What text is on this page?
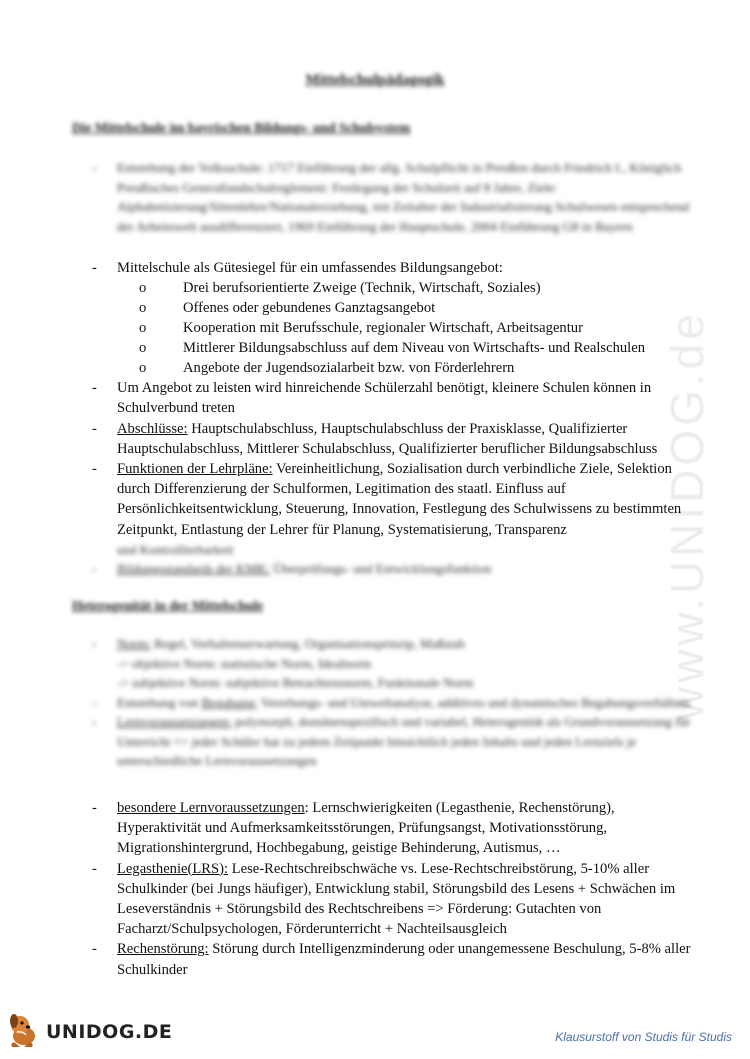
www.UNIDOG.de
Mittelschulpädagogik
Die Mittelschule im bayrischen Bildungs- und Schulsystem
- Entstehung der Volksschule: 1717 Einführung der allg. Schulpflicht in Preußen durch Friedrich I., Königlich Preußisches Generallandschulreglement: Festlegung der Schulzeit auf 8 Jahre, Ziele: Alphabetisierung/Sittenlehre/Nationalerziehung, mit Zeitalter der Industrialisierung Schulwesen entsprechend der Arbeitswelt ausdifferenziert, 1969 Einführung der Hauptschule, 2004 Einführung G8 in Bayern
- Mittelschule als Gütesiegel für ein umfassendes Bildungsangebot:
o	Drei berufsorientierte Zweige (Technik, Wirtschaft, Soziales)
o	Offenes oder gebundenes Ganztagsangebot
o	Kooperation mit Berufsschule, regionaler Wirtschaft, Arbeitsagentur
o	Mittlerer Bildungsabschluss auf dem Niveau von Wirtschafts- und Realschulen
o	Angebote der Jugendsozialarbeit bzw. von Förderlehrern
- Um Angebot zu leisten wird hinreichende Schülerzahl benötigt, kleinere Schulen können in Schulverbund treten
- Abschlüsse: Hauptschulabschluss, Hauptschulabschluss der Praxisklasse, Qualifizierter Hauptschulabschluss, Mittlerer Schulabschluss, Qualifizierter beruflicher Bildungsabschluss
- Funktionen der Lehrpläne: Vereinheitlichung, Sozialisation durch verbindliche Ziele, Selektion durch Differenzierung der Schulformen, Legitimation des staatl. Einfluss auf Persönlichkeitsentwicklung, Steuerung, Innovation, Festlegung des Schulwissens zu bestimmten Zeitpunkt, Entlastung der Lehrer für Planung, Systematisierung, Transparenz
und Kontrollierbarkeit
- Bildungsstandards der KMK: Überprüfungs- und Entwicklungsfunktion
Heterogenität in der Mittelschule
- Norm: Regel, Verhaltenserwartung, Organisationsprinzip, Maßstab
-> objektive Norm: statistische Norm, Idealnorm
-> subjektive Norm: subjektive Betrachtensnorm, Funktionale Norm
- Entstehung von Begabung: Vererbungs- und Umweltanalyse, additives und dynamisches Begabungsverhältnis
- Lernvoraussetzungen: polymorph, domänenspezifisch und variabel, Heterogenität als Grundvoraussetzung für Unterricht => jeder Schüler hat zu jedem Zeitpunkt hinsichtlich jeden Inhalts und jeden Lernziels je unterschiedliche Lernvoraussetzungen
- besondere Lernvoraussetzungen: Lernschwierigkeiten (Legasthenie, Rechenstörung), Hyperaktivität und Aufmerksamkeitsstörungen, Prüfungsangst, Motivationsstörung, Migrationshintergrund, Hochbegabung, geistige Behinderung, Autismus, …
- Legasthenie(LRS): Lese-Rechtschreibschwäche vs. Lese-Rechtschreibstörung, 5-10% aller Schulkinder (bei Jungs häufiger), Entwicklung stabil, Störungsbild des Lesens + Schwächen im Leseverständnis + Störungsbild des Rechtschreibens => Förderung: Gutachten von Facharzt/Schulpsychologen, Förderunterricht + Nachteilsausgleich
- Rechenstörung: Störung durch Intelligenzminderung oder unangemessene Beschulung, 5-8% aller Schulkinder
UNIDOG.DE	Klausurstoff von Studis für Studis
